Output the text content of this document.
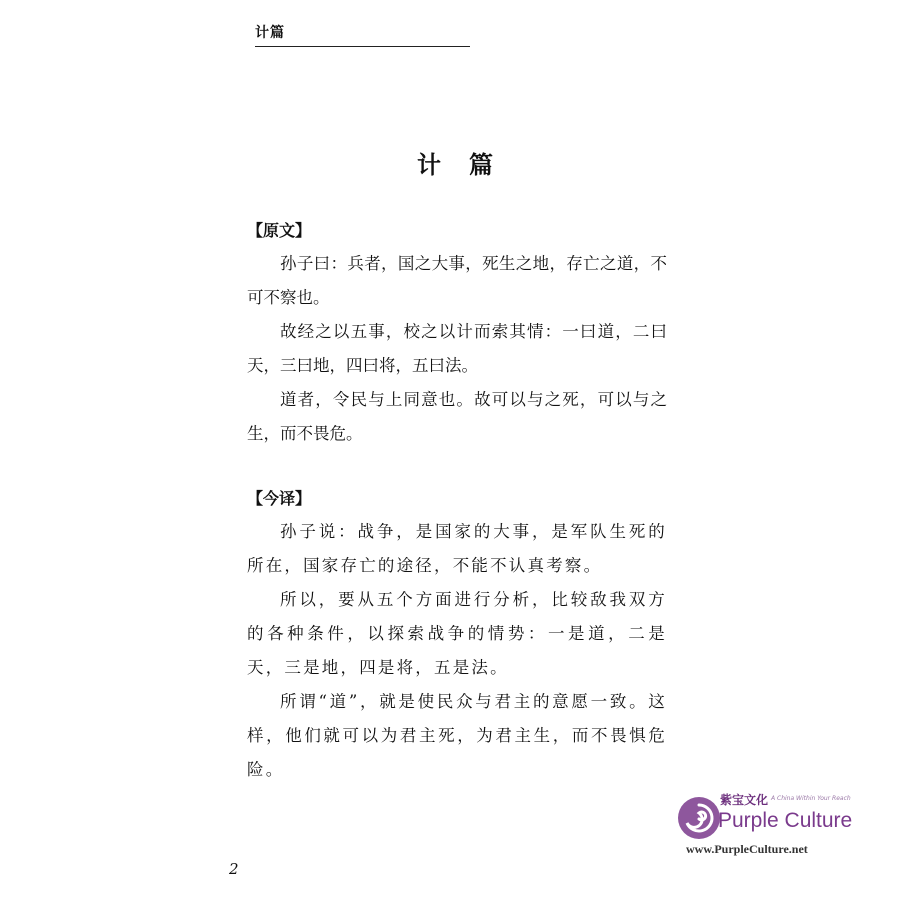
计篇
计　篇
【原文】

孙子曰：兵者，国之大事，死生之地，存亡之道，不可不察也。

故经之以五事，校之以计而索其情：一曰道，二曰天，三曰地，四曰将，五曰法。

道者，令民与上同意也。故可以与之死，可以与之生，而不畏危。

【今译】

孙子说：战争，是国家的大事，是军队生死的所在，国家存亡的途径，不能不认真考察。

所以，要从五个方面进行分析，比较敌我双方的各种条件，以探索战争的情势：一是道，二是天，三是地，四是将，五是法。

所谓“道”，就是使民众与君主的意愿一致。这样，他们就可以为君主死，为君主生，而不畏惧危险。

2
紫宝文化 A China Within Your Reach
Purple Culture
www.PurpleCulture.net
